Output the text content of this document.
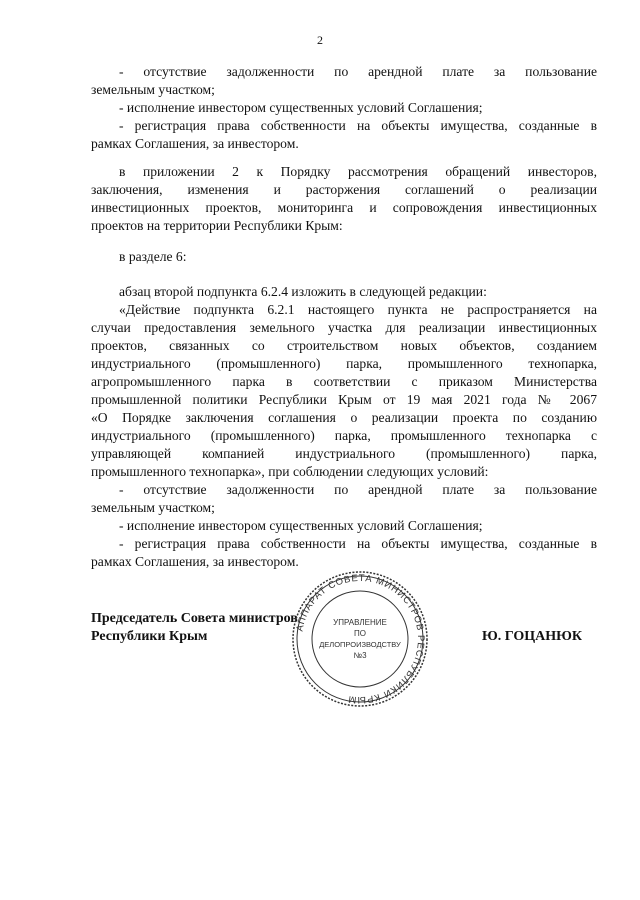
2
- отсутствие задолженности по арендной плате за пользование
земельным участком;
- исполнение инвестором существенных условий Соглашения;
- регистрация права собственности на объекты имущества, созданные в
рамках Соглашения, за инвестором.
в приложении 2 к Порядку рассмотрения обращений инвесторов,
заключения, изменения и расторжения соглашений о реализации
инвестиционных проектов, мониторинга и сопровождения инвестиционных
проектов на территории Республики Крым:
в разделе 6:
абзац второй подпункта 6.2.4 изложить в следующей редакции:
«Действие подпункта 6.2.1 настоящего пункта не распространяется на
случаи предоставления земельного участка для реализации инвестиционных
проектов, связанных со строительством новых объектов, созданием
индустриального (промышленного) парка, промышленного технопарка,
агропромышленного парка в соответствии с приказом Министерства
промышленной политики Республики Крым от 19 мая 2021 года № 2067
«О Порядке заключения соглашения о реализации проекта по созданию
индустриального (промышленного) парка, промышленного технопарка с
управляющей компанией индустриального (промышленного) парка,
промышленного технопарка», при соблюдении следующих условий:
- отсутствие задолженности по арендной плате за пользование
земельным участком;
- исполнение инвестором существенных условий Соглашения;
- регистрация права собственности на объекты имущества, созданные в
рамках Соглашения, за инвестором.
Председатель Совета министров
Республики Крым	Ю. ГОЦАНЮК
АППАРАТ СОВЕТА МИНИСТРОВ РЕСПУБЛИКИ КРЫМ
УПРАВЛЕНИЕ
ПО
ДЕЛОПРОИЗВОДСТВУ
№3
